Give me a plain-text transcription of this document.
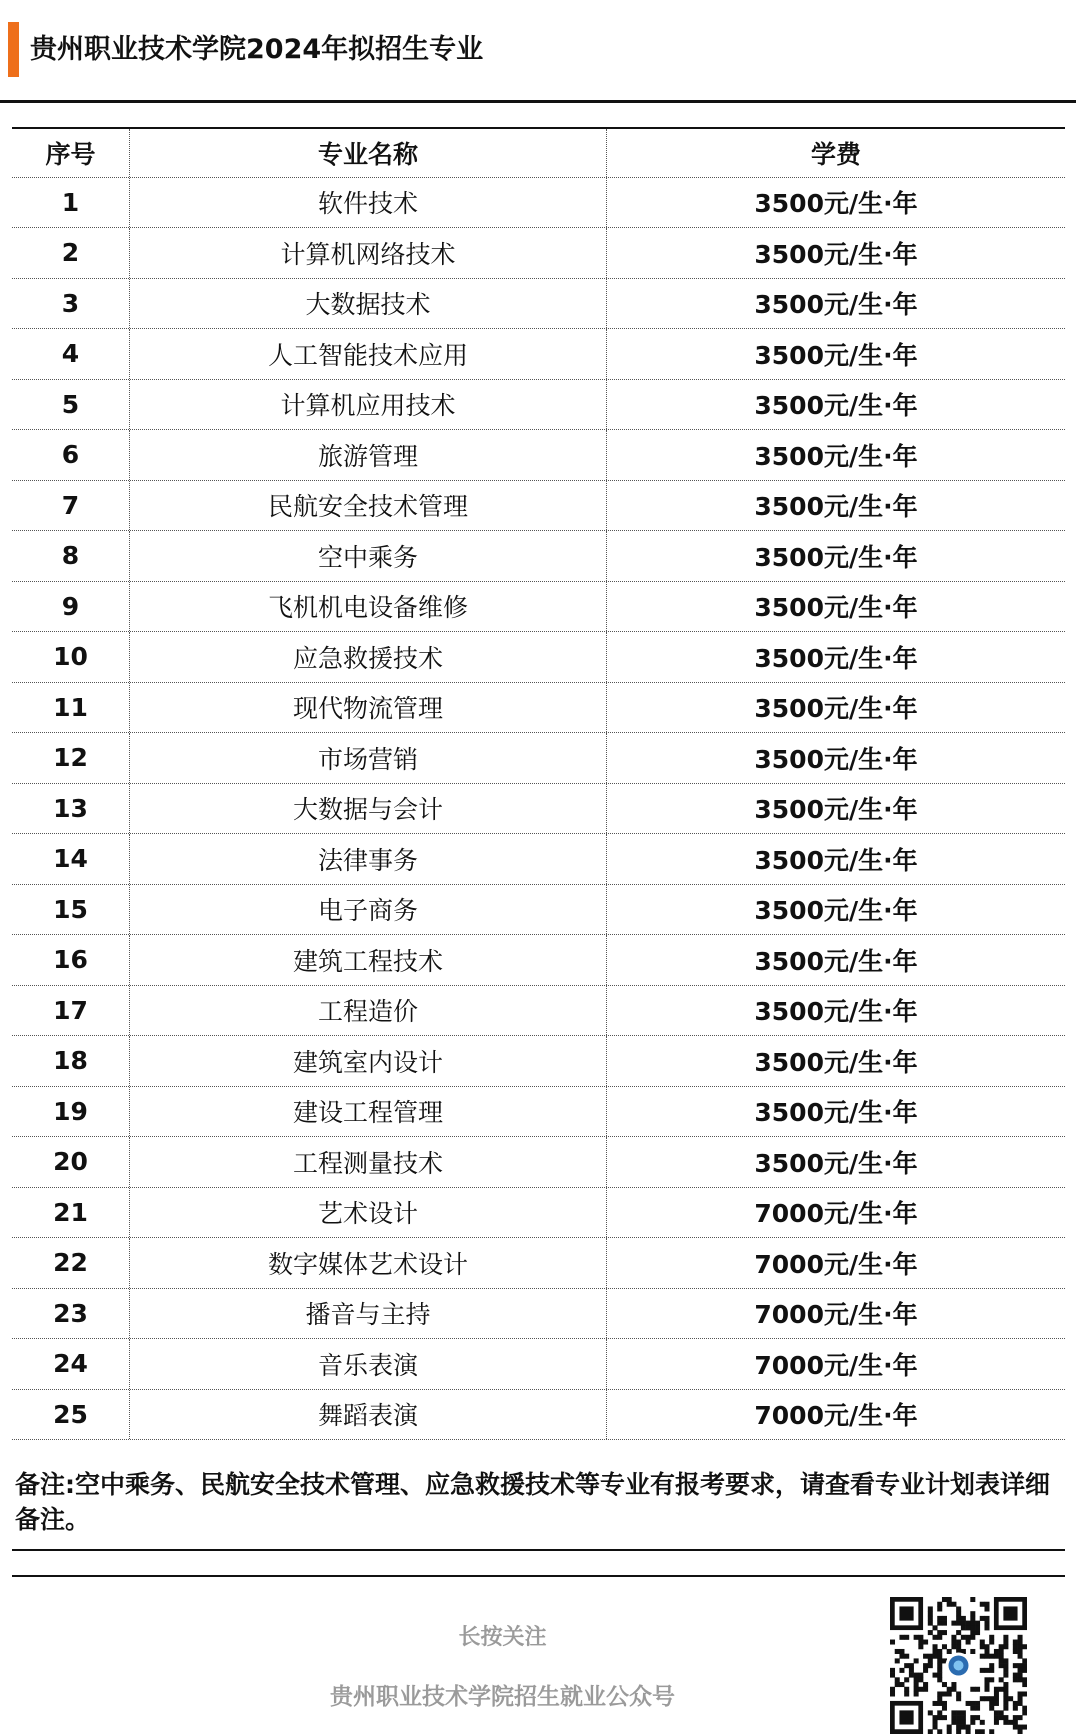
贵州职业技术学院2024年拟招生专业
序号	专业名称	学费
1	软件技术	3500元/生·年
2	计算机网络技术	3500元/生·年
3	大数据技术	3500元/生·年
4	人工智能技术应用	3500元/生·年
5	计算机应用技术	3500元/生·年
6	旅游管理	3500元/生·年
7	民航安全技术管理	3500元/生·年
8	空中乘务	3500元/生·年
9	飞机机电设备维修	3500元/生·年
10	应急救援技术	3500元/生·年
11	现代物流管理	3500元/生·年
12	市场营销	3500元/生·年
13	大数据与会计	3500元/生·年
14	法律事务	3500元/生·年
15	电子商务	3500元/生·年
16	建筑工程技术	3500元/生·年
17	工程造价	3500元/生·年
18	建筑室内设计	3500元/生·年
19	建设工程管理	3500元/生·年
20	工程测量技术	3500元/生·年
21	艺术设计	7000元/生·年
22	数字媒体艺术设计	7000元/生·年
23	播音与主持	7000元/生·年
24	音乐表演	7000元/生·年
25	舞蹈表演	7000元/生·年
备注:空中乘务、民航安全技术管理、应急救援技术等专业有报考要求，请查看专业计划表详细备注。
长按关注
贵州职业技术学院招生就业公众号
